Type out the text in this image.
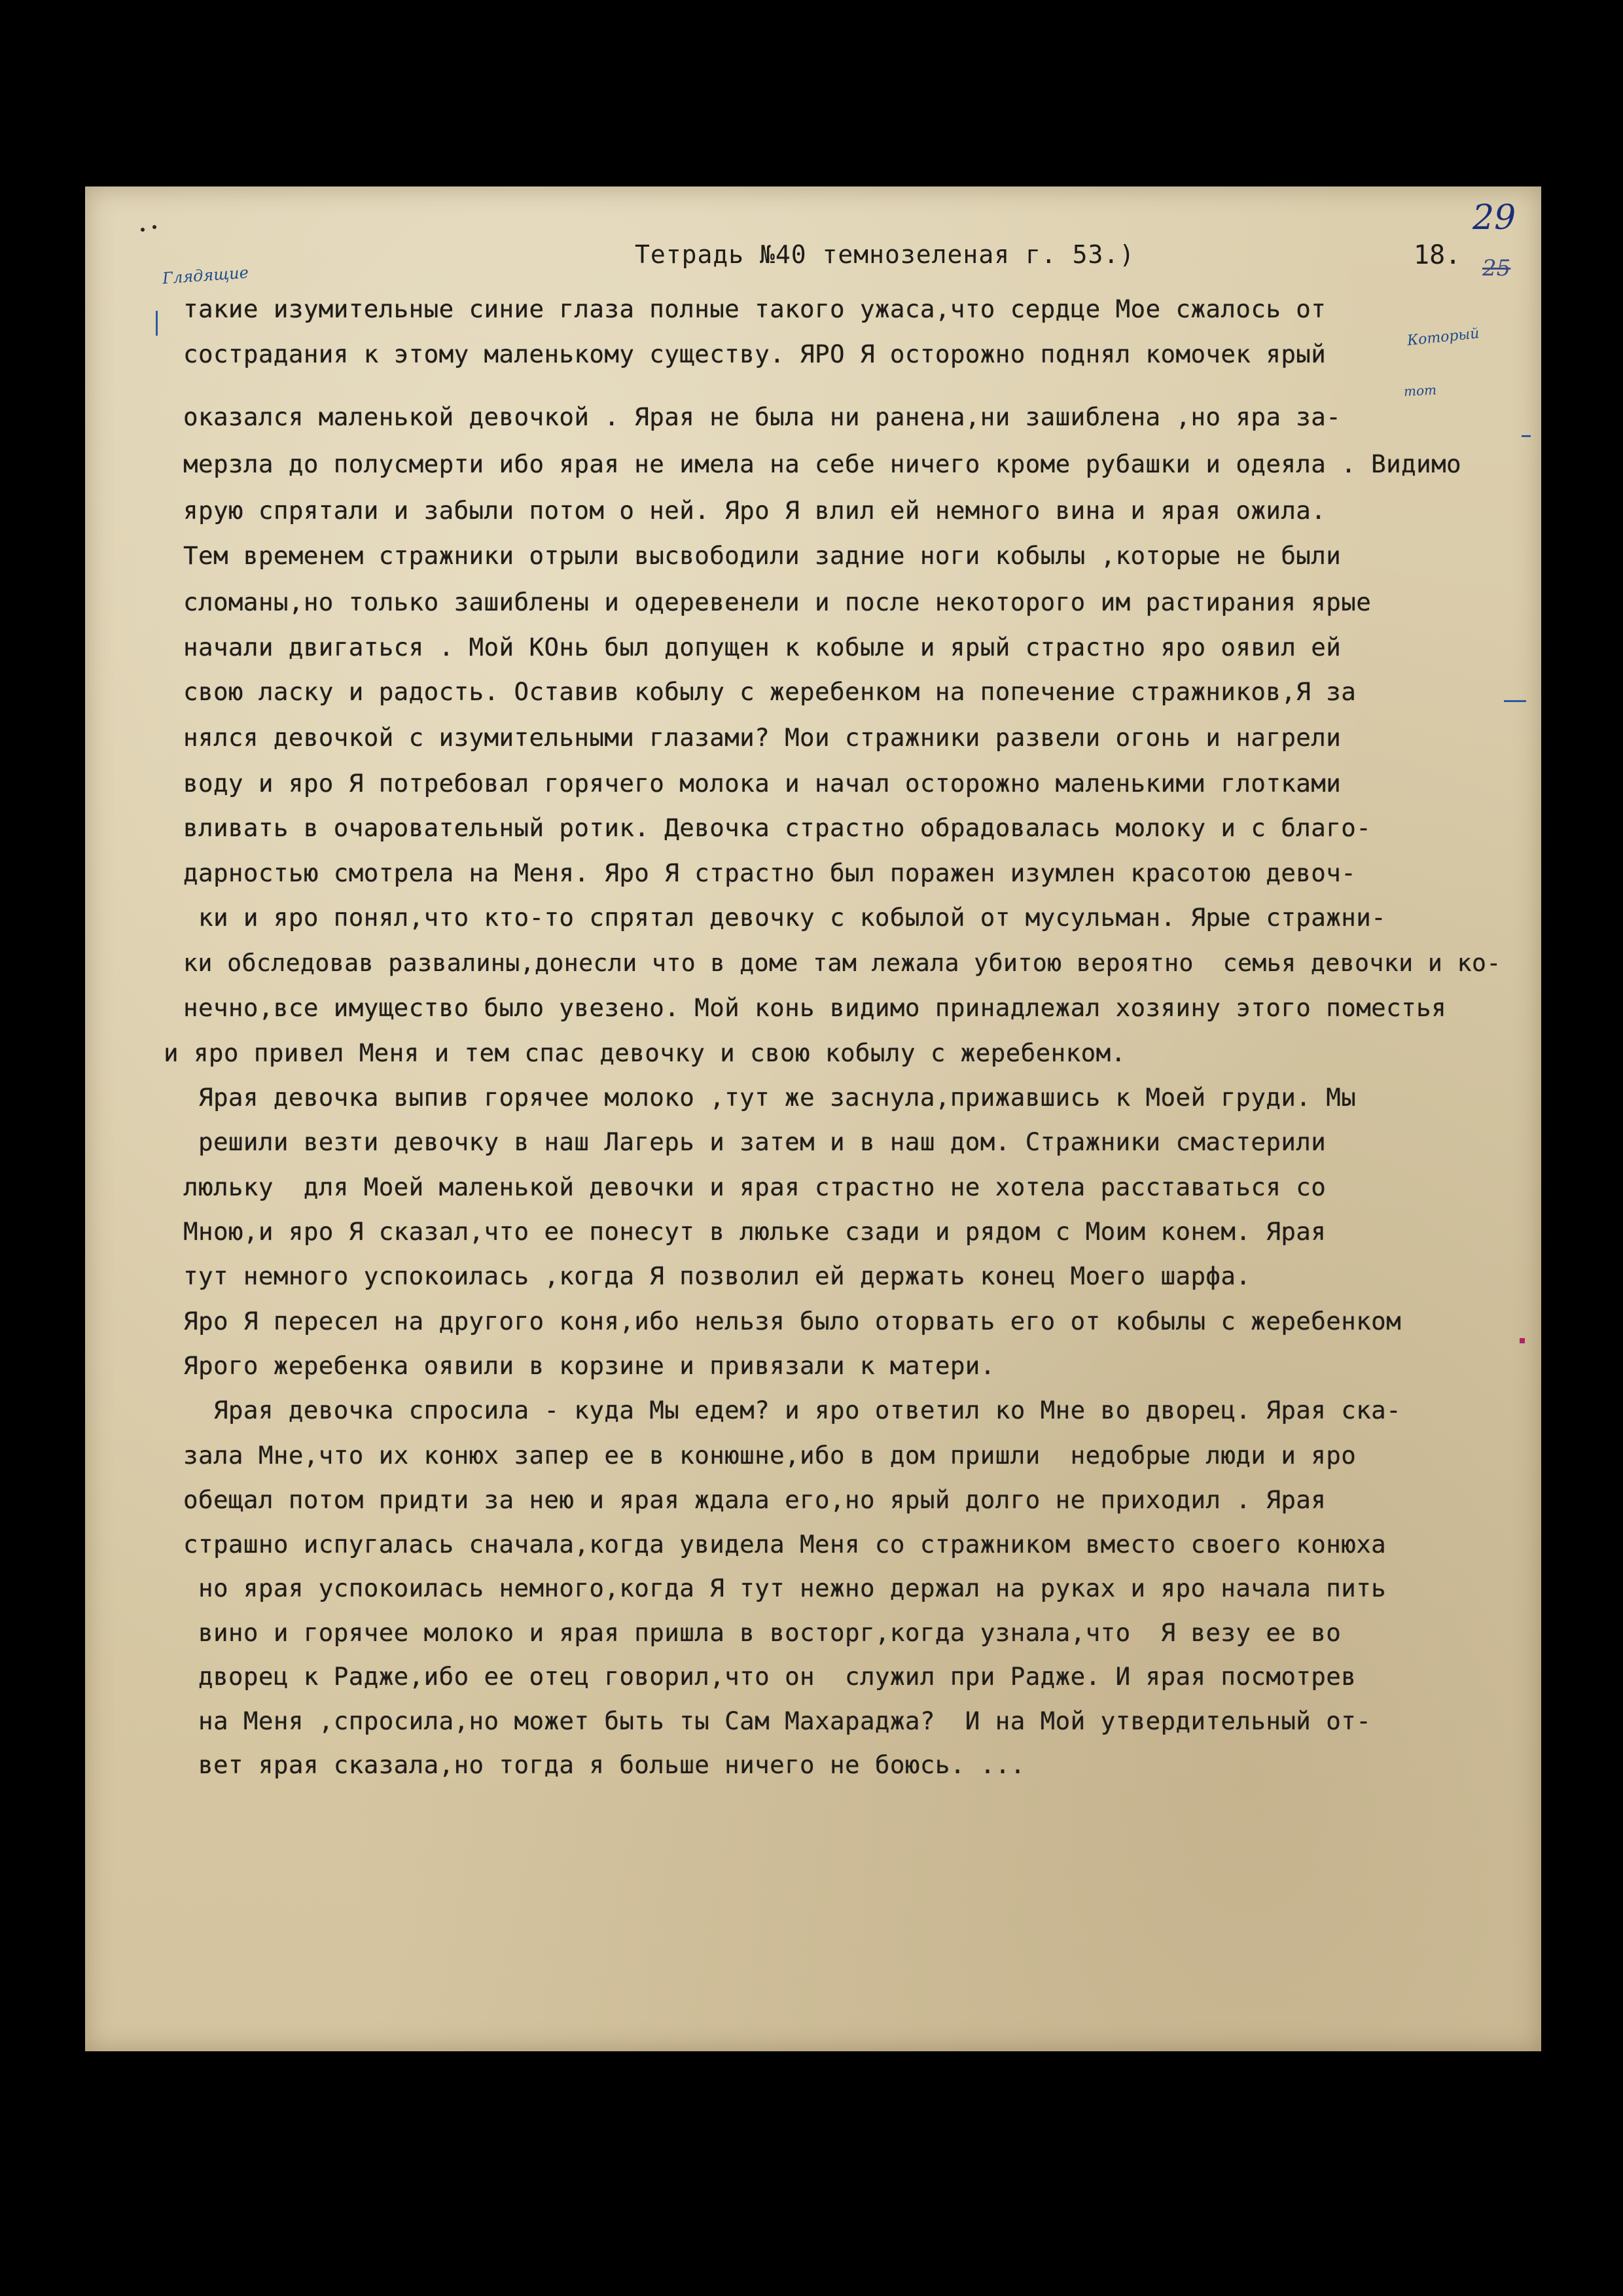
Тетрадь №40 темнозеленая г. 53.)	18.
29
25
Глядящие
Который
тот
такие изумительные синие глаза полные такого ужаса,что сердце Мое сжалось от
сострадания к этому маленькому существу. ЯРО Я осторожно поднял комочек ярый
оказался маленькой девочкой . Ярая не была ни ранена,ни зашиблена ,но яра за-
мерзла до полусмерти ибо ярая не имела на себе ничего кроме рубашки и одеяла . Видимо
ярую спрятали и забыли потом о ней. Яро Я влил ей немного вина и ярая ожила.
Тем временем стражники отрыли высвободили задние ноги кобылы ,которые не были
сломаны,но только зашиблены и одеревенели и после некоторого им растирания ярые
начали двигаться . Мой КОнь был допущен к кобыле и ярый страстно яро оявил ей
свою ласку и радость. Оставив кобылу с жеребенком на попечение стражников,Я за
нялся девочкой с изумительными глазами? Мои стражники развели огонь и нагрели
воду и яро Я потребовал горячего молока и начал осторожно маленькими глотками
вливать в очаровательный ротик. Девочка страстно обрадовалась молоку и с благо-
дарностью смотрела на Меня. Яро Я страстно был поражен изумлен красотою девоч-
ки и яро понял,что кто-то спрятал девочку с кобылой от мусульман. Ярые стражни-
ки обследовав развалины,донесли что в доме там лежала убитою вероятно  семья девочки и ко-
нечно,все имущество было увезено. Мой конь видимо принадлежал хозяину этого поместья
и яро привел Меня и тем спас девочку и свою кобылу с жеребенком.
Ярая девочка выпив горячее молоко ,тут же заснула,прижавшись к Моей груди. Мы
решили везти девочку в наш Лагерь и затем и в наш дом. Стражники смастерили
люльку  для Моей маленькой девочки и ярая страстно не хотела расставаться со
Мною,и яро Я сказал,что ее понесут в люльке сзади и рядом с Моим конем. Ярая
тут немного успокоилась ,когда Я позволил ей держать конец Моего шарфа.
Яро Я пересел на другого коня,ибо нельзя было оторвать его от кобылы с жеребенком
Ярого жеребенка оявили в корзине и привязали к матери.
Ярая девочка спросила - куда Мы едем? и яро ответил ко Мне во дворец. Ярая ска-
зала Мне,что их конюх запер ее в конюшне,ибо в дом пришли  недобрые люди и яро
обещал потом придти за нею и ярая ждала его,но ярый долго не приходил . Ярая
страшно испугалась сначала,когда увидела Меня со стражником вместо своего конюха
но ярая успокоилась немного,когда Я тут нежно держал на руках и яро начала пить
вино и горячее молоко и ярая пришла в восторг,когда узнала,что  Я везу ее во
дворец к Радже,ибо ее отец говорил,что он  служил при Радже. И ярая посмотрев
на Меня ,спросила,но может быть ты Сам Махараджа?  И на Мой утвердительный от-
вет ярая сказала,но тогда я больше ничего не боюсь. ...
